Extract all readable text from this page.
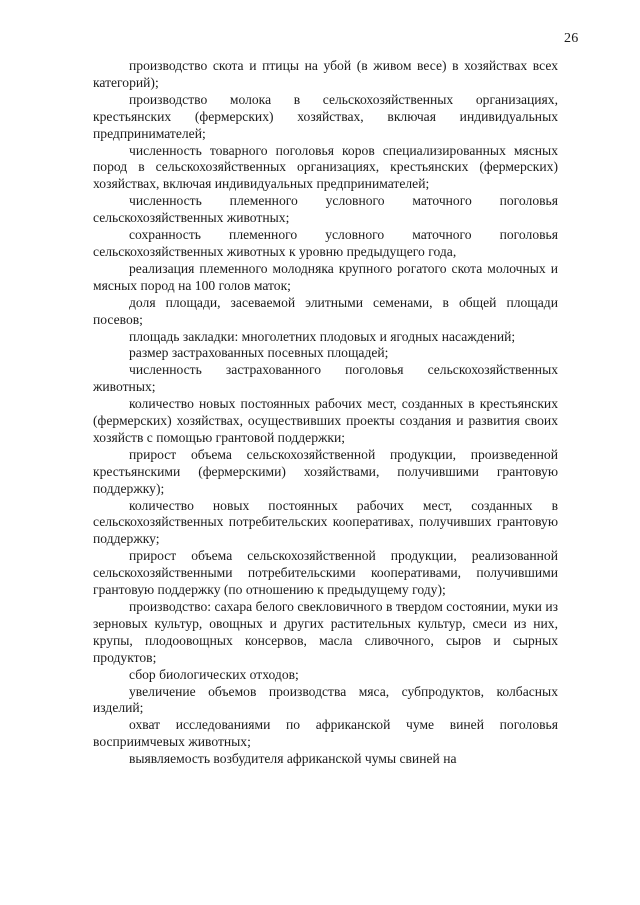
26

производство скота и птицы на убой (в живом весе) в хозяйствах всех категорий);

производство молока в сельскохозяйственных организациях, крестьянских (фермерских) хозяйствах, включая индивидуальных предпринимателей;

численность товарного поголовья коров специализированных мясных пород в сельскохозяйственных организациях, крестьянских (фермерских) хозяйствах, включая индивидуальных предпринимателей;

численность племенного условного маточного поголовья сельскохозяйственных животных;

сохранность племенного условного маточного поголовья сельскохозяйственных животных к уровню предыдущего года,

реализация племенного молодняка крупного рогатого скота молочных и мясных пород на 100 голов маток;

доля площади, засеваемой элитными семенами, в общей площади посевов;

площадь закладки: многолетних плодовых и ягодных насаждений;

размер застрахованных посевных площадей;

численность застрахованного поголовья сельскохозяйственных животных;

количество новых постоянных рабочих мест, созданных в крестьянских (фермерских) хозяйствах, осуществивших проекты создания и развития своих хозяйств с помощью грантовой поддержки;

прирост объема сельскохозяйственной продукции, произведенной крестьянскими (фермерскими) хозяйствами, получившими грантовую поддержку);

количество новых постоянных рабочих мест, созданных в сельскохозяйственных потребительских кооперативах, получивших грантовую поддержку;

прирост объема сельскохозяйственной продукции, реализованной сельскохозяйственными потребительскими кооперативами, получившими грантовую поддержку (по отношению к предыдущему году);

производство: сахара белого свекловичного в твердом состоянии, муки из зерновых культур, овощных и других растительных культур, смеси из них, крупы, плодоовощных консервов, масла сливочного, сыров и сырных продуктов;

сбор биологических отходов;

увеличение объемов производства мяса, субпродуктов, колбасных изделий;

охват исследованиями по африканской чуме виней поголовья восприимчевых животных;

выявляемость возбудителя африканской чумы свиней на
